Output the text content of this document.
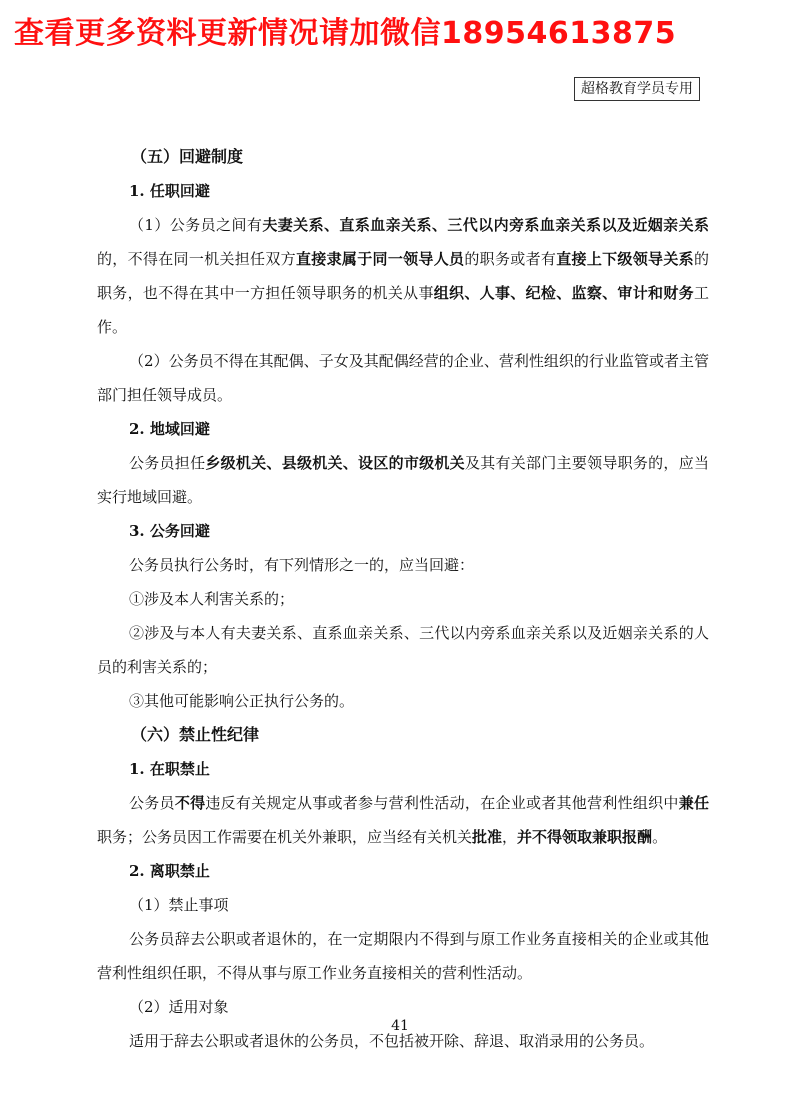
查看更多资料更新情况请加微信18954613875
超格教育学员专用

（五）回避制度

1. 任职回避

（1）公务员之间有夫妻关系、直系血亲关系、三代以内旁系血亲关系以及近姻亲关系的，不得在同一机关担任双方直接隶属于同一领导人员的职务或者有直接上下级领导关系的职务，也不得在其中一方担任领导职务的机关从事组织、人事、纪检、监察、审计和财务工作。

（2）公务员不得在其配偶、子女及其配偶经营的企业、营利性组织的行业监管或者主管部门担任领导成员。

2. 地域回避

公务员担任乡级机关、县级机关、设区的市级机关及其有关部门主要领导职务的，应当实行地域回避。

3. 公务回避

公务员执行公务时，有下列情形之一的，应当回避：

①涉及本人利害关系的；

②涉及与本人有夫妻关系、直系血亲关系、三代以内旁系血亲关系以及近姻亲关系的人员的利害关系的；

③其他可能影响公正执行公务的。

（六）禁止性纪律

1. 在职禁止

公务员不得违反有关规定从事或者参与营利性活动，在企业或者其他营利性组织中兼任职务；公务员因工作需要在机关外兼职，应当经有关机关批准，并不得领取兼职报酬。

2. 离职禁止

（1）禁止事项

公务员辞去公职或者退休的，在一定期限内不得到与原工作业务直接相关的企业或其他营利性组织任职，不得从事与原工作业务直接相关的营利性活动。

（2）适用对象

适用于辞去公职或者退休的公务员，不包括被开除、辞退、取消录用的公务员。

41
